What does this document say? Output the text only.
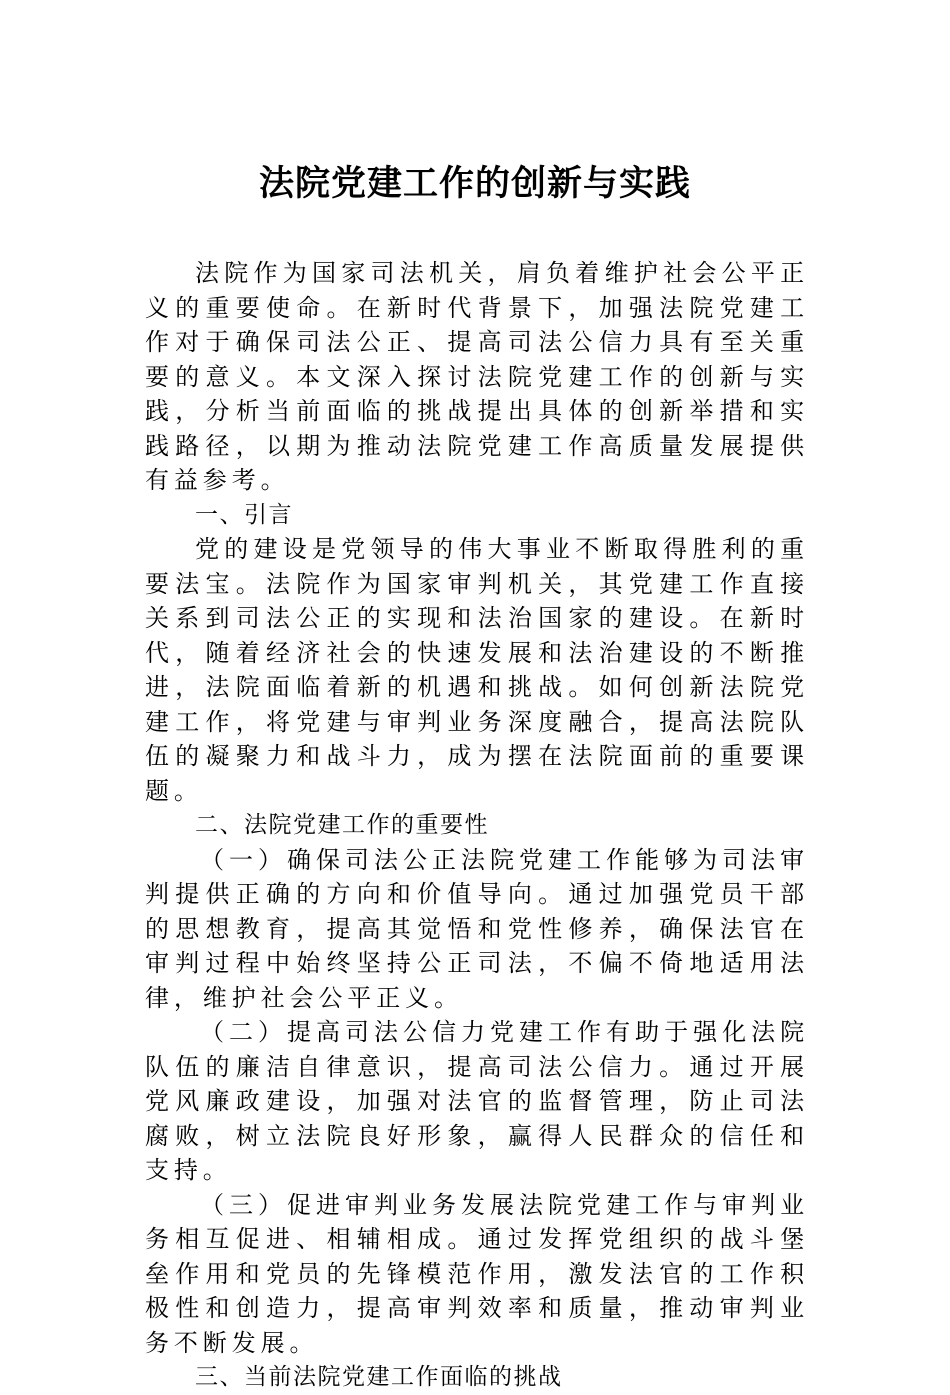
法院党建工作的创新与实践

法院作为国家司法机关，肩负着维护社会公平正义的重要使命。在新时代背景下，加强法院党建工作对于确保司法公正、提高司法公信力具有至关重要的意义。本文深入探讨法院党建工作的创新与实践，分析当前面临的挑战提出具体的创新举措和实践路径，以期为推动法院党建工作高质量发展提供有益参考。

一、引言

党的建设是党领导的伟大事业不断取得胜利的重要法宝。法院作为国家审判机关，其党建工作直接关系到司法公正的实现和法治国家的建设。在新时代，随着经济社会的快速发展和法治建设的不断推进，法院面临着新的机遇和挑战。如何创新法院党建工作，将党建与审判业务深度融合，提高法院队伍的凝聚力和战斗力，成为摆在法院面前的重要课题。

二、法院党建工作的重要性

（一）确保司法公正法院党建工作能够为司法审判提供正确的方向和价值导向。通过加强党员干部的思想教育，提高其觉悟和党性修养，确保法官在审判过程中始终坚持公正司法，不偏不倚地适用法律，维护社会公平正义。

（二）提高司法公信力党建工作有助于强化法院队伍的廉洁自律意识，提高司法公信力。通过开展党风廉政建设，加强对法官的监督管理，防止司法腐败，树立法院良好形象，赢得人民群众的信任和支持。

（三）促进审判业务发展法院党建工作与审判业务相互促进、相辅相成。通过发挥党组织的战斗堡垒作用和党员的先锋模范作用，激发法官的工作积极性和创造力，提高审判效率和质量，推动审判业务不断发展。

三、当前法院党建工作面临的挑战
